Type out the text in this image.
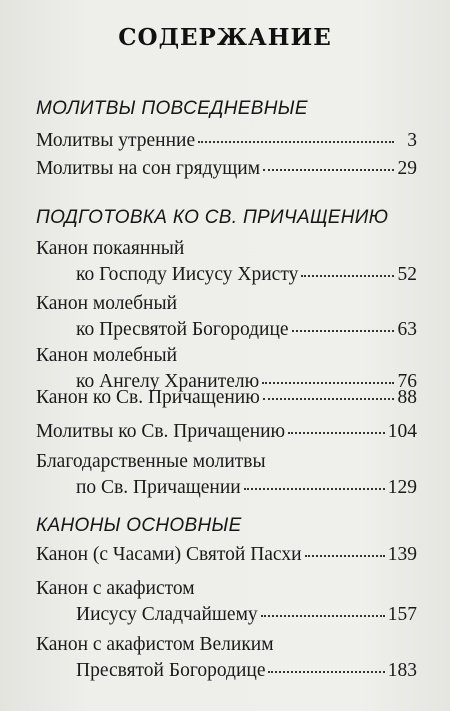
СОДЕРЖАНИЕ
МОЛИТВЫ ПОВСЕДНЕВНЫЕ
Молитвы утренние	3
Молитвы на сон грядущим	29
ПОДГОТОВКА КО СВ. ПРИЧАЩЕНИЮ
Канон покаянный
ко Господу Иисусу Христу	52
Канон молебный
ко Пресвятой Богородице	63
Канон молебный
ко Ангелу Хранителю	76
Канон ко Св. Причащению	88
Молитвы ко Св. Причащению	104
Благодарственные молитвы
по Св. Причащении	129
КАНОНЫ ОСНОВНЫЕ
Канон (с Часами) Святой Пасхи	139
Канон с акафистом
Иисусу Сладчайшему	157
Канон с акафистом Великим
Пресвятой Богородице	183
